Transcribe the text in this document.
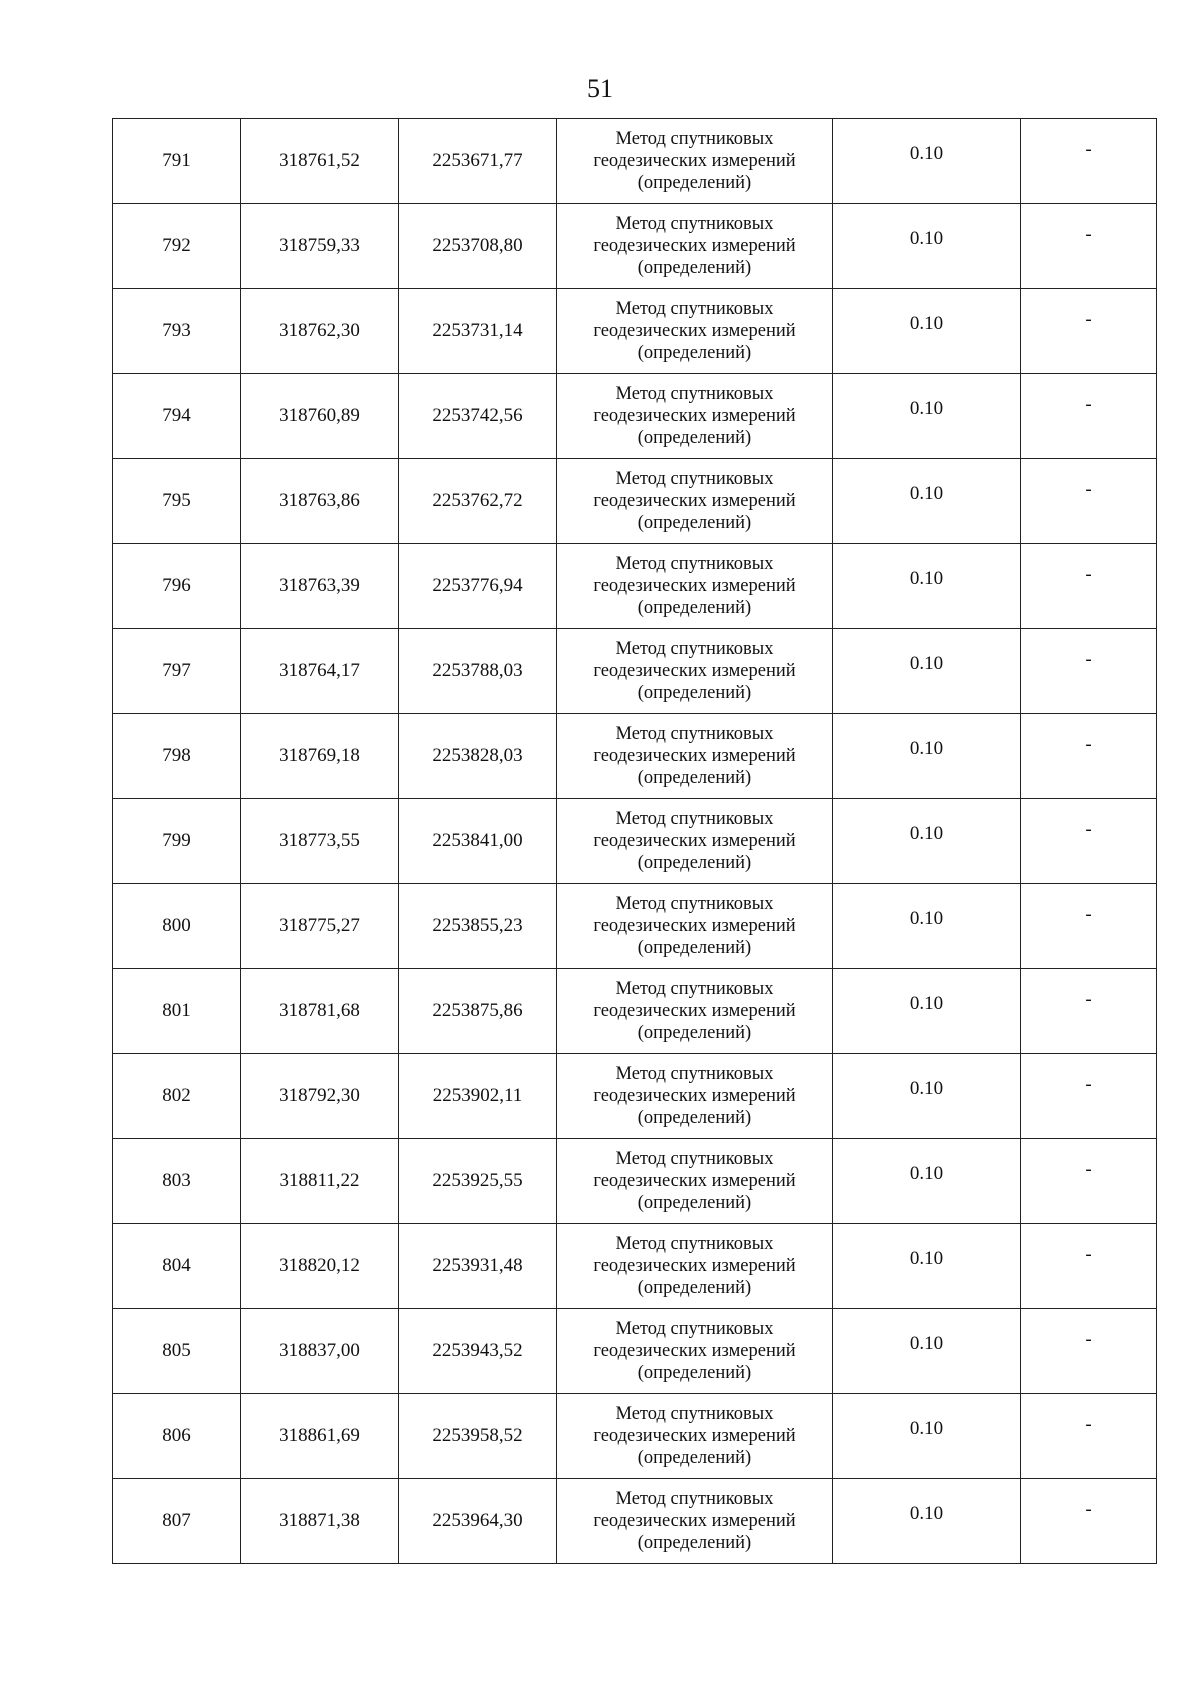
51
791	318761,52	2253671,77	Метод спутниковых
геодезических измерений
(определений)	0.10	-
792	318759,33	2253708,80	Метод спутниковых
геодезических измерений
(определений)	0.10	-
793	318762,30	2253731,14	Метод спутниковых
геодезических измерений
(определений)	0.10	-
794	318760,89	2253742,56	Метод спутниковых
геодезических измерений
(определений)	0.10	-
795	318763,86	2253762,72	Метод спутниковых
геодезических измерений
(определений)	0.10	-
796	318763,39	2253776,94	Метод спутниковых
геодезических измерений
(определений)	0.10	-
797	318764,17	2253788,03	Метод спутниковых
геодезических измерений
(определений)	0.10	-
798	318769,18	2253828,03	Метод спутниковых
геодезических измерений
(определений)	0.10	-
799	318773,55	2253841,00	Метод спутниковых
геодезических измерений
(определений)	0.10	-
800	318775,27	2253855,23	Метод спутниковых
геодезических измерений
(определений)	0.10	-
801	318781,68	2253875,86	Метод спутниковых
геодезических измерений
(определений)	0.10	-
802	318792,30	2253902,11	Метод спутниковых
геодезических измерений
(определений)	0.10	-
803	318811,22	2253925,55	Метод спутниковых
геодезических измерений
(определений)	0.10	-
804	318820,12	2253931,48	Метод спутниковых
геодезических измерений
(определений)	0.10	-
805	318837,00	2253943,52	Метод спутниковых
геодезических измерений
(определений)	0.10	-
806	318861,69	2253958,52	Метод спутниковых
геодезических измерений
(определений)	0.10	-
807	318871,38	2253964,30	Метод спутниковых
геодезических измерений
(определений)	0.10	-
